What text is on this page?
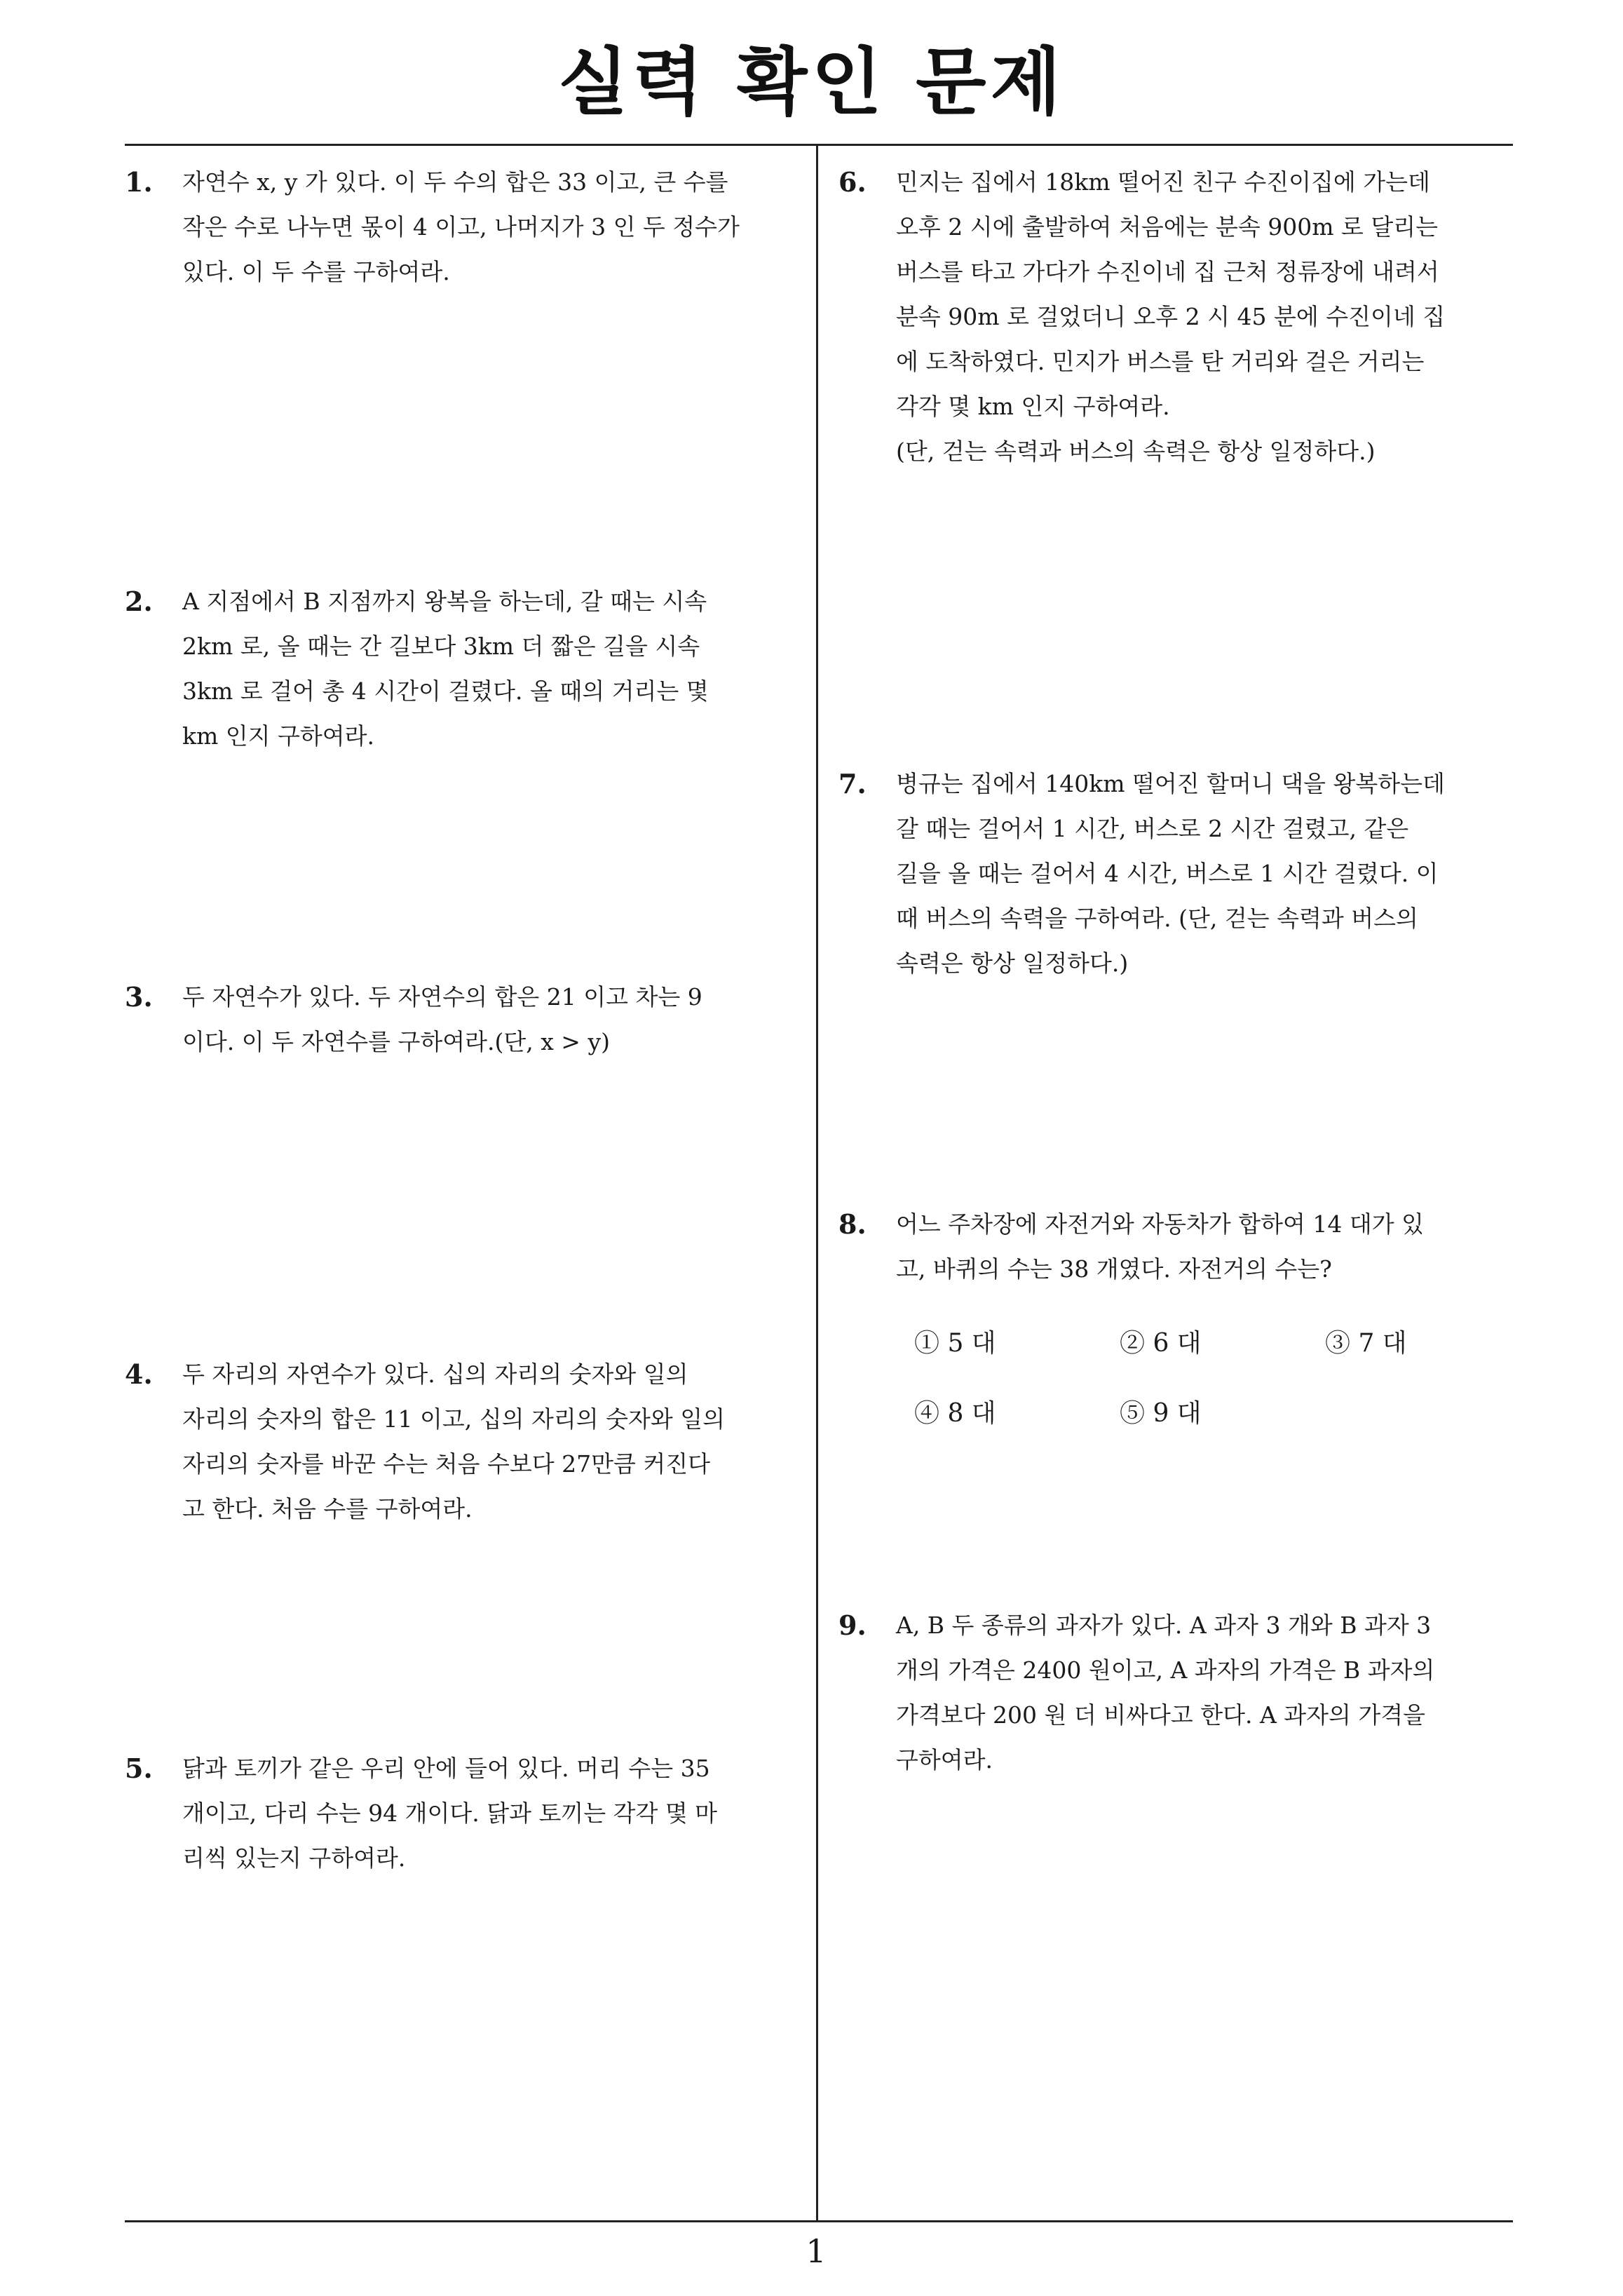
실력 확인 문제
1. 자연수 x, y 가 있다. 이 두 수의 합은 33 이고, 큰 수를
작은 수로 나누면 몫이 4 이고, 나머지가 3 인 두 정수가
있다. 이 두 수를 구하여라.
2. A 지점에서 B 지점까지 왕복을 하는데, 갈 때는 시속
2km 로, 올 때는 간 길보다 3km 더 짧은 길을 시속
3km 로 걸어 총 4 시간이 걸렸다. 올 때의 거리는 몇
km 인지 구하여라.
3. 두 자연수가 있다. 두 자연수의 합은 21 이고 차는 9
이다. 이 두 자연수를 구하여라.(단, x > y)
4. 두 자리의 자연수가 있다. 십의 자리의 숫자와 일의
자리의 숫자의 합은 11 이고, 십의 자리의 숫자와 일의
자리의 숫자를 바꾼 수는 처음 수보다 27만큼 커진다
고 한다. 처음 수를 구하여라.
5. 닭과 토끼가 같은 우리 안에 들어 있다. 머리 수는 35
개이고, 다리 수는 94 개이다. 닭과 토끼는 각각 몇 마
리씩 있는지 구하여라.
6. 민지는 집에서 18km 떨어진 친구 수진이집에 가는데
오후 2 시에 출발하여 처음에는 분속 900m 로 달리는
버스를 타고 가다가 수진이네 집 근처 정류장에 내려서
분속 90m 로 걸었더니 오후 2 시 45 분에 수진이네 집
에 도착하였다. 민지가 버스를 탄 거리와 걸은 거리는
각각 몇 km 인지 구하여라.
(단, 걷는 속력과 버스의 속력은 항상 일정하다.)
7. 병규는 집에서 140km 떨어진 할머니 댁을 왕복하는데
갈 때는 걸어서 1 시간, 버스로 2 시간 걸렸고, 같은
길을 올 때는 걸어서 4 시간, 버스로 1 시간 걸렸다. 이
때 버스의 속력을 구하여라. (단, 걷는 속력과 버스의
속력은 항상 일정하다.)
8. 어느 주차장에 자전거와 자동차가 합하여 14 대가 있
고, 바퀴의 수는 38 개였다. 자전거의 수는?
① 5 대	② 6 대	③ 7 대
④ 8 대	⑤ 9 대
9. A, B 두 종류의 과자가 있다. A 과자 3 개와 B 과자 3
개의 가격은 2400 원이고, A 과자의 가격은 B 과자의
가격보다 200 원 더 비싸다고 한다. A 과자의 가격을
구하여라.
1
